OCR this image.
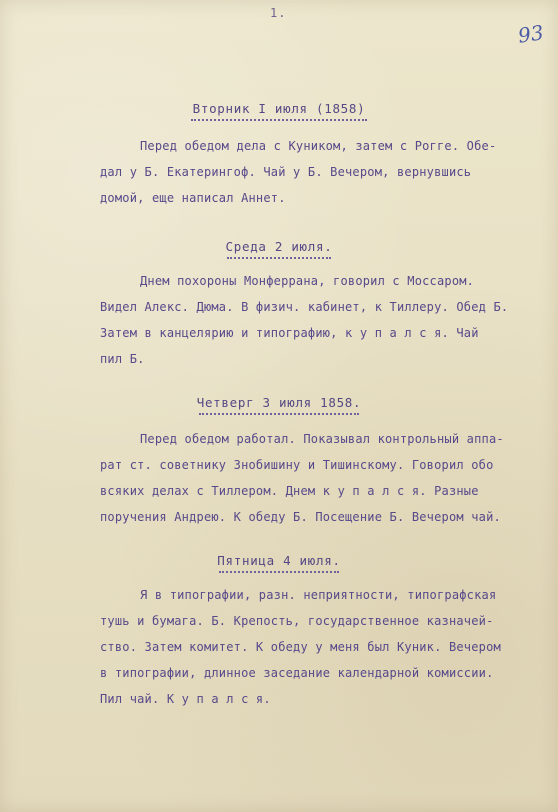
1.
93
Вторник I июля (1858)
Перед обедом дела с Куником, затем с Рогге. Обе-
дал у Б. Екатерингоф. Чай у Б. Вечером, вернувшись
домой, еще написал Аннет.
Среда 2 июля.
Днем похороны Монферрана, говорил с Моссаром.
Видел Алекс. Дюма. В физич. кабинет, к Тиллеру. Обед Б.
Затем в канцелярию и типографию, к у п а л с я. Чай
пил Б.
Четверг 3 июля 1858.
Перед обедом работал. Показывал контрольный аппа-
рат ст. советнику Знобишину и Тишинскому. Говорил обо
всяких делах с Тиллером. Днем к у п а л с я. Разные
поручения Андрею. К обеду Б. Посещение Б. Вечером чай.
Пятница 4 июля.
Я в типографии, разн. неприятности, типографская
тушь и бумага. Б. Крепость, государственное казначей-
ство. Затем комитет. К обеду у меня был Куник. Вечером
в типографии, длинное заседание календарной комиссии.
Пил чай. К у п а л с я.
